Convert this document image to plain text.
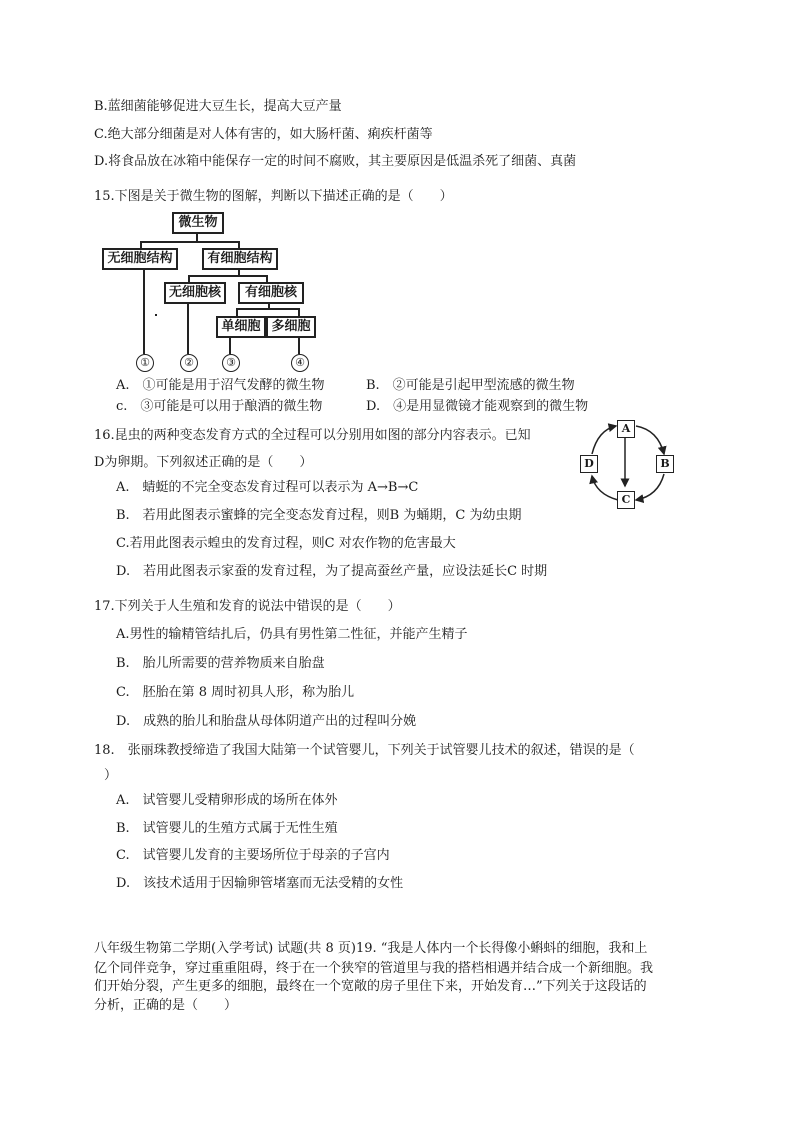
B.蓝细菌能够促进大豆生长，提高大豆产量
C.绝大部分细菌是对人体有害的，如大肠杆菌、痢疾杆菌等
D.将食品放在冰箱中能保存一定的时间不腐败，其主要原因是低温杀死了细菌、真菌
15.下图是关于微生物的图解，判断以下描述正确的是（　　）
微生物
无细胞结构	有细胞结构
无细胞核	有细胞核
单细胞 多细胞
①	②	③	④
A.　①可能是用于沼气发酵的微生物	B.　②可能是引起甲型流感的微生物
c.　③可能是可以用于酿酒的微生物	D.　④是用显微镜才能观察到的微生物
16.昆虫的两种变态发育方式的全过程可以分别用如图的部分内容表示。已知
D为卵期。下列叙述正确的是（　　）
A
B
C
D
A.　蜻蜓的不完全变态发育过程可以表示为 A→B→C
B.　若用此图表示蜜蜂的完全变态发育过程，则B 为蛹期，C 为幼虫期
C.若用此图表示蝗虫的发育过程，则C 对农作物的危害最大
D.　若用此图表示家蚕的发育过程，为了提高蚕丝产量，应设法延长C 时期
17.下列关于人生殖和发育的说法中错误的是（　　）
A.男性的输精管结扎后，仍具有男性第二性征，并能产生精子
B.　胎儿所需要的营养物质来自胎盘
C.　胚胎在第 8 周时初具人形，称为胎儿
D.　成熟的胎儿和胎盘从母体阴道产出的过程叫分娩
18.　张丽珠教授缔造了我国大陆第一个试管婴儿，下列关于试管婴儿技术的叙述，错误的是（
）
A.　试管婴儿受精卵形成的场所在体外
B.　试管婴儿的生殖方式属于无性生殖
C.　试管婴儿发育的主要场所位于母亲的子宫内
D.　该技术适用于因输卵管堵塞而无法受精的女性
八年级生物第二学期(入学考试) 试题(共 8 页)19. “我是人体内一个长得像小蝌蚪的细胞，我和上
亿个同伴竞争，穿过重重阻碍，终于在一个狭窄的管道里与我的搭档相遇并结合成一个新细胞。我
们开始分裂，产生更多的细胞，最终在一个宽敞的房子里住下来，开始发育…”下列关于这段话的
分析，正确的是（　　）
